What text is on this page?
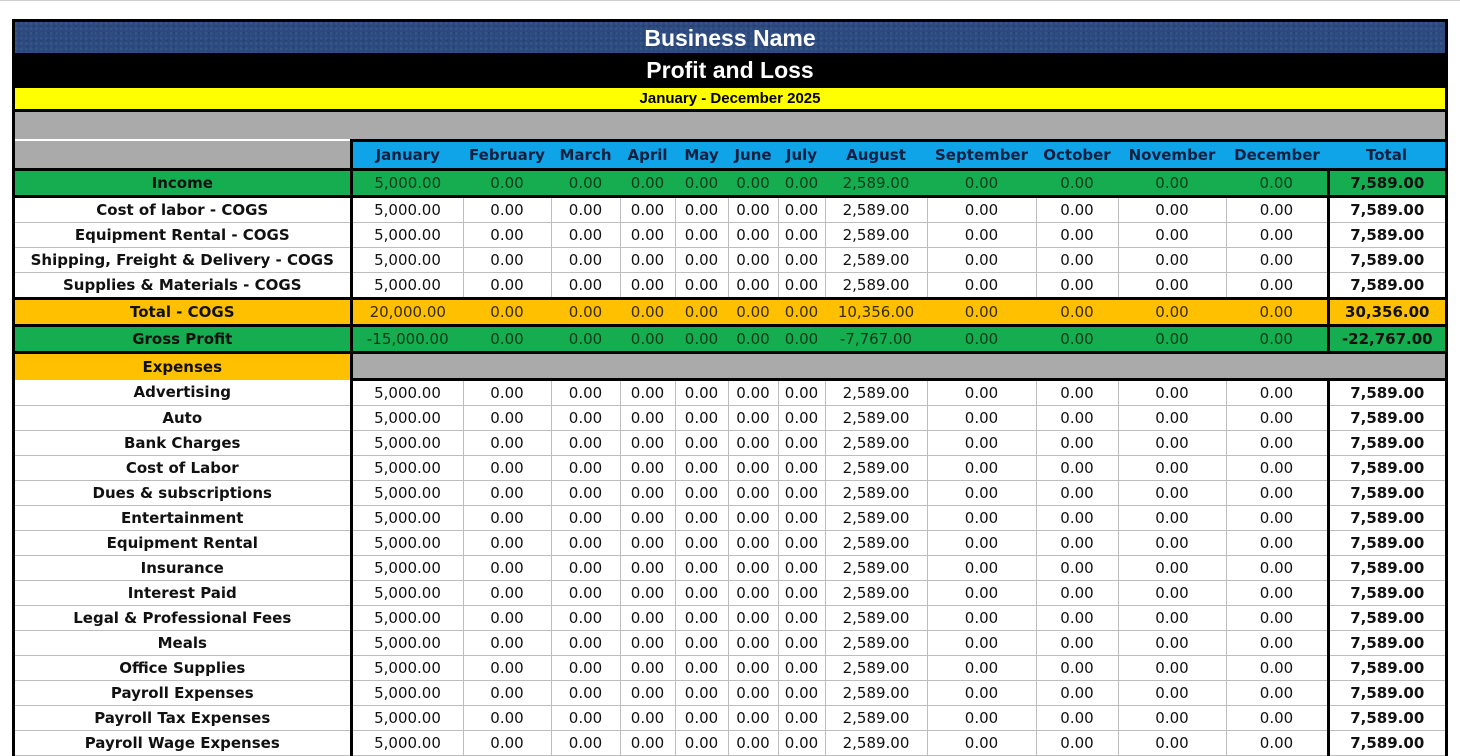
Business Name
Profit and Loss
January - December 2025
	January	February	March	April	May	June	July	August	September	October	November	December	Total
Income	5,000.00	0.00	0.00	0.00	0.00	0.00	0.00	2,589.00	0.00	0.00	0.00	0.00	7,589.00
Cost of labor - COGS	5,000.00	0.00	0.00	0.00	0.00	0.00	0.00	2,589.00	0.00	0.00	0.00	0.00	7,589.00
Equipment Rental - COGS	5,000.00	0.00	0.00	0.00	0.00	0.00	0.00	2,589.00	0.00	0.00	0.00	0.00	7,589.00
Shipping, Freight & Delivery - COGS	5,000.00	0.00	0.00	0.00	0.00	0.00	0.00	2,589.00	0.00	0.00	0.00	0.00	7,589.00
Supplies & Materials - COGS	5,000.00	0.00	0.00	0.00	0.00	0.00	0.00	2,589.00	0.00	0.00	0.00	0.00	7,589.00
Total - COGS	20,000.00	0.00	0.00	0.00	0.00	0.00	0.00	10,356.00	0.00	0.00	0.00	0.00	30,356.00
Gross Profit	-15,000.00	0.00	0.00	0.00	0.00	0.00	0.00	-7,767.00	0.00	0.00	0.00	0.00	-22,767.00
Expenses													
Advertising	5,000.00	0.00	0.00	0.00	0.00	0.00	0.00	2,589.00	0.00	0.00	0.00	0.00	7,589.00
Auto	5,000.00	0.00	0.00	0.00	0.00	0.00	0.00	2,589.00	0.00	0.00	0.00	0.00	7,589.00
Bank Charges	5,000.00	0.00	0.00	0.00	0.00	0.00	0.00	2,589.00	0.00	0.00	0.00	0.00	7,589.00
Cost of Labor	5,000.00	0.00	0.00	0.00	0.00	0.00	0.00	2,589.00	0.00	0.00	0.00	0.00	7,589.00
Dues & subscriptions	5,000.00	0.00	0.00	0.00	0.00	0.00	0.00	2,589.00	0.00	0.00	0.00	0.00	7,589.00
Entertainment	5,000.00	0.00	0.00	0.00	0.00	0.00	0.00	2,589.00	0.00	0.00	0.00	0.00	7,589.00
Equipment Rental	5,000.00	0.00	0.00	0.00	0.00	0.00	0.00	2,589.00	0.00	0.00	0.00	0.00	7,589.00
Insurance	5,000.00	0.00	0.00	0.00	0.00	0.00	0.00	2,589.00	0.00	0.00	0.00	0.00	7,589.00
Interest Paid	5,000.00	0.00	0.00	0.00	0.00	0.00	0.00	2,589.00	0.00	0.00	0.00	0.00	7,589.00
Legal & Professional Fees	5,000.00	0.00	0.00	0.00	0.00	0.00	0.00	2,589.00	0.00	0.00	0.00	0.00	7,589.00
Meals	5,000.00	0.00	0.00	0.00	0.00	0.00	0.00	2,589.00	0.00	0.00	0.00	0.00	7,589.00
Office Supplies	5,000.00	0.00	0.00	0.00	0.00	0.00	0.00	2,589.00	0.00	0.00	0.00	0.00	7,589.00
Payroll Expenses	5,000.00	0.00	0.00	0.00	0.00	0.00	0.00	2,589.00	0.00	0.00	0.00	0.00	7,589.00
Payroll Tax Expenses	5,000.00	0.00	0.00	0.00	0.00	0.00	0.00	2,589.00	0.00	0.00	0.00	0.00	7,589.00
Payroll Wage Expenses	5,000.00	0.00	0.00	0.00	0.00	0.00	0.00	2,589.00	0.00	0.00	0.00	0.00	7,589.00
